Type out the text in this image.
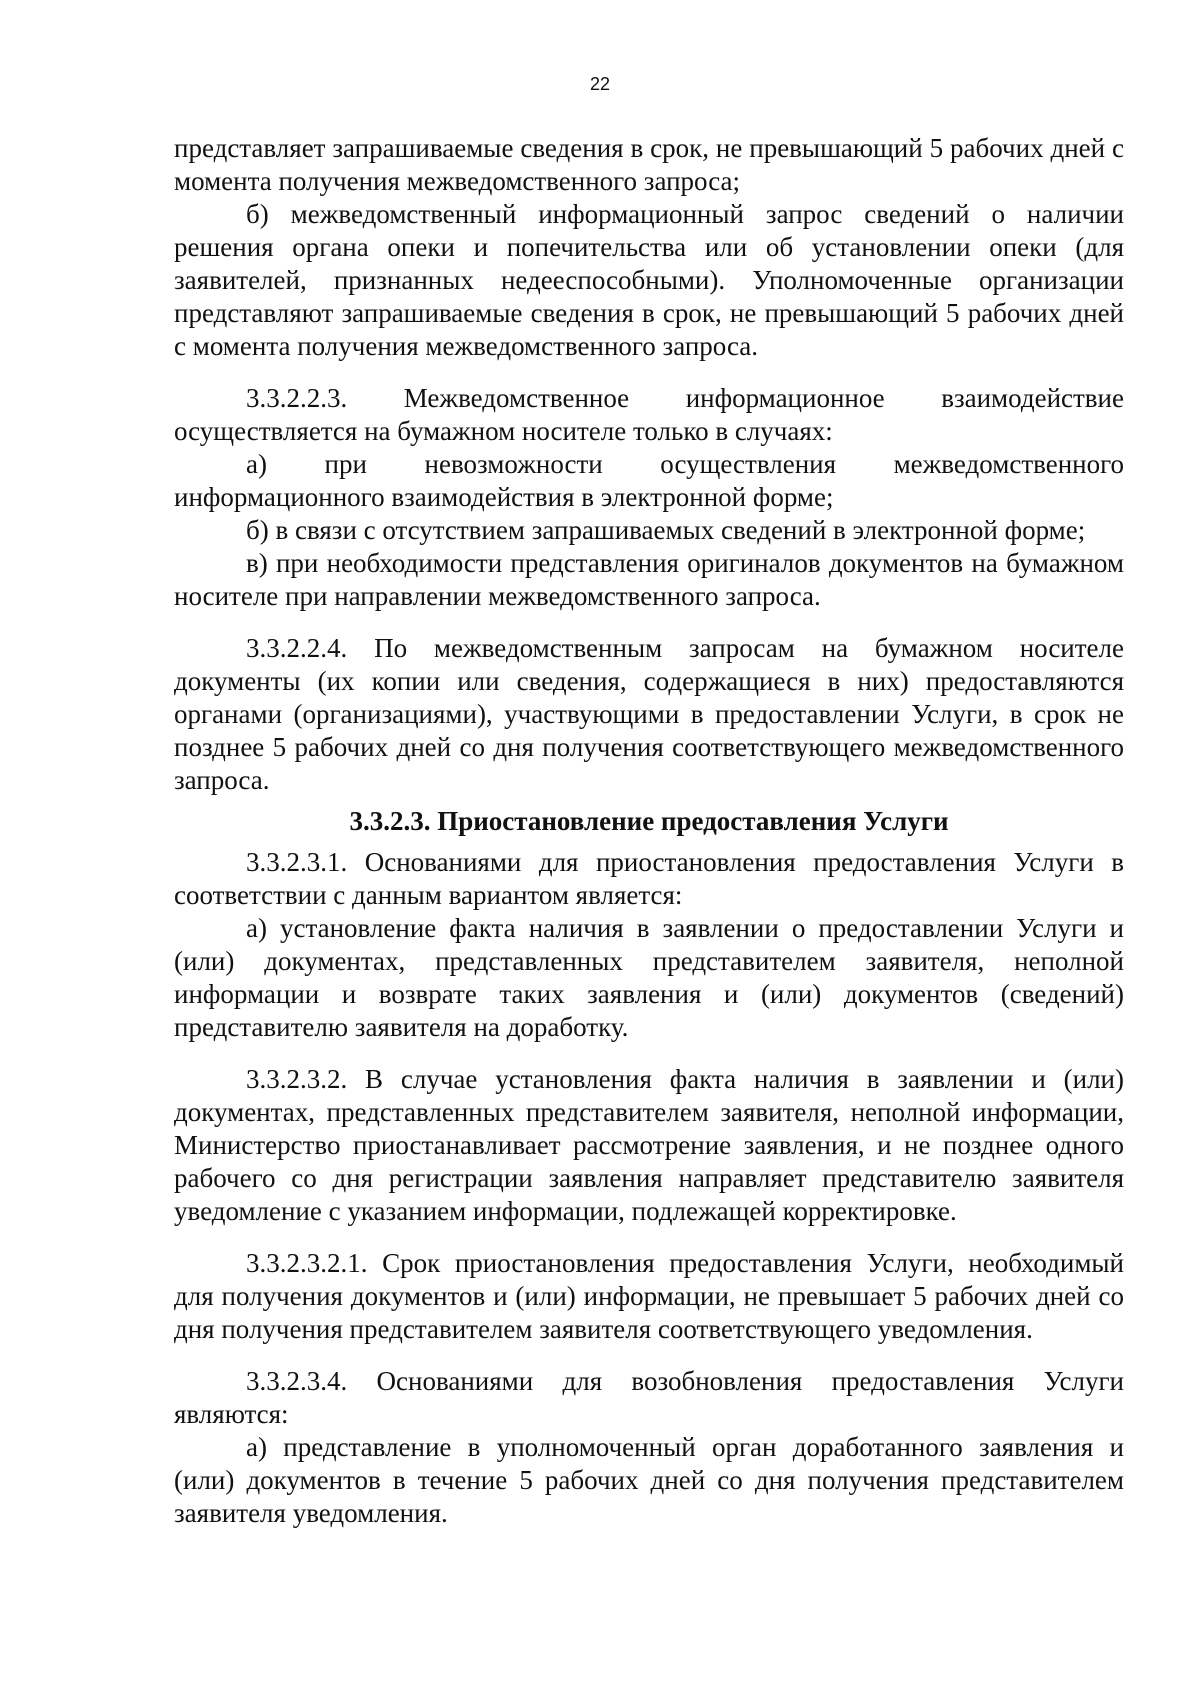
22

представляет запрашиваемые сведения в срок, не превышающий 5 рабочих дней с момента получения межведомственного запроса;

б) межведомственный информационный запрос сведений о наличии решения органа опеки и попечительства или об установлении опеки (для заявителей, признанных недееспособными). Уполномоченные организации представляют запрашиваемые сведения в срок, не превышающий 5 рабочих дней с момента получения межведомственного запроса.

3.3.2.2.3. Межведомственное информационное взаимодействие осуществляется на бумажном носителе только в случаях:

а) при невозможности осуществления межведомственного информационного взаимодействия в электронной форме;

б) в связи с отсутствием запрашиваемых сведений в электронной форме;

в) при необходимости представления оригиналов документов на бумажном носителе при направлении межведомственного запроса.

3.3.2.2.4. По межведомственным запросам на бумажном носителе документы (их копии или сведения, содержащиеся в них) предоставляются органами (организациями), участвующими в предоставлении Услуги, в срок не позднее 5 рабочих дней со дня получения соответствующего межведомственного запроса.

3.3.2.3. Приостановление предоставления Услуги

3.3.2.3.1. Основаниями для приостановления предоставления Услуги в соответствии с данным вариантом является:

а) установление факта наличия в заявлении о предоставлении Услуги и (или) документах, представленных представителем заявителя, неполной информации и возврате таких заявления и (или) документов (сведений) представителю заявителя на доработку.

3.3.2.3.2. В случае установления факта наличия в заявлении и (или) документах, представленных представителем заявителя, неполной информации, Министерство приостанавливает рассмотрение заявления, и не позднее одного рабочего со дня регистрации заявления направляет представителю заявителя уведомление с указанием информации, подлежащей корректировке.

3.3.2.3.2.1. Срок приостановления предоставления Услуги, необходимый для получения документов и (или) информации, не превышает 5 рабочих дней со дня получения представителем заявителя соответствующего уведомления.

3.3.2.3.4. Основаниями для возобновления предоставления Услуги являются:

а) представление в уполномоченный орган доработанного заявления и (или) документов в течение 5 рабочих дней со дня получения представителем заявителя уведомления.
